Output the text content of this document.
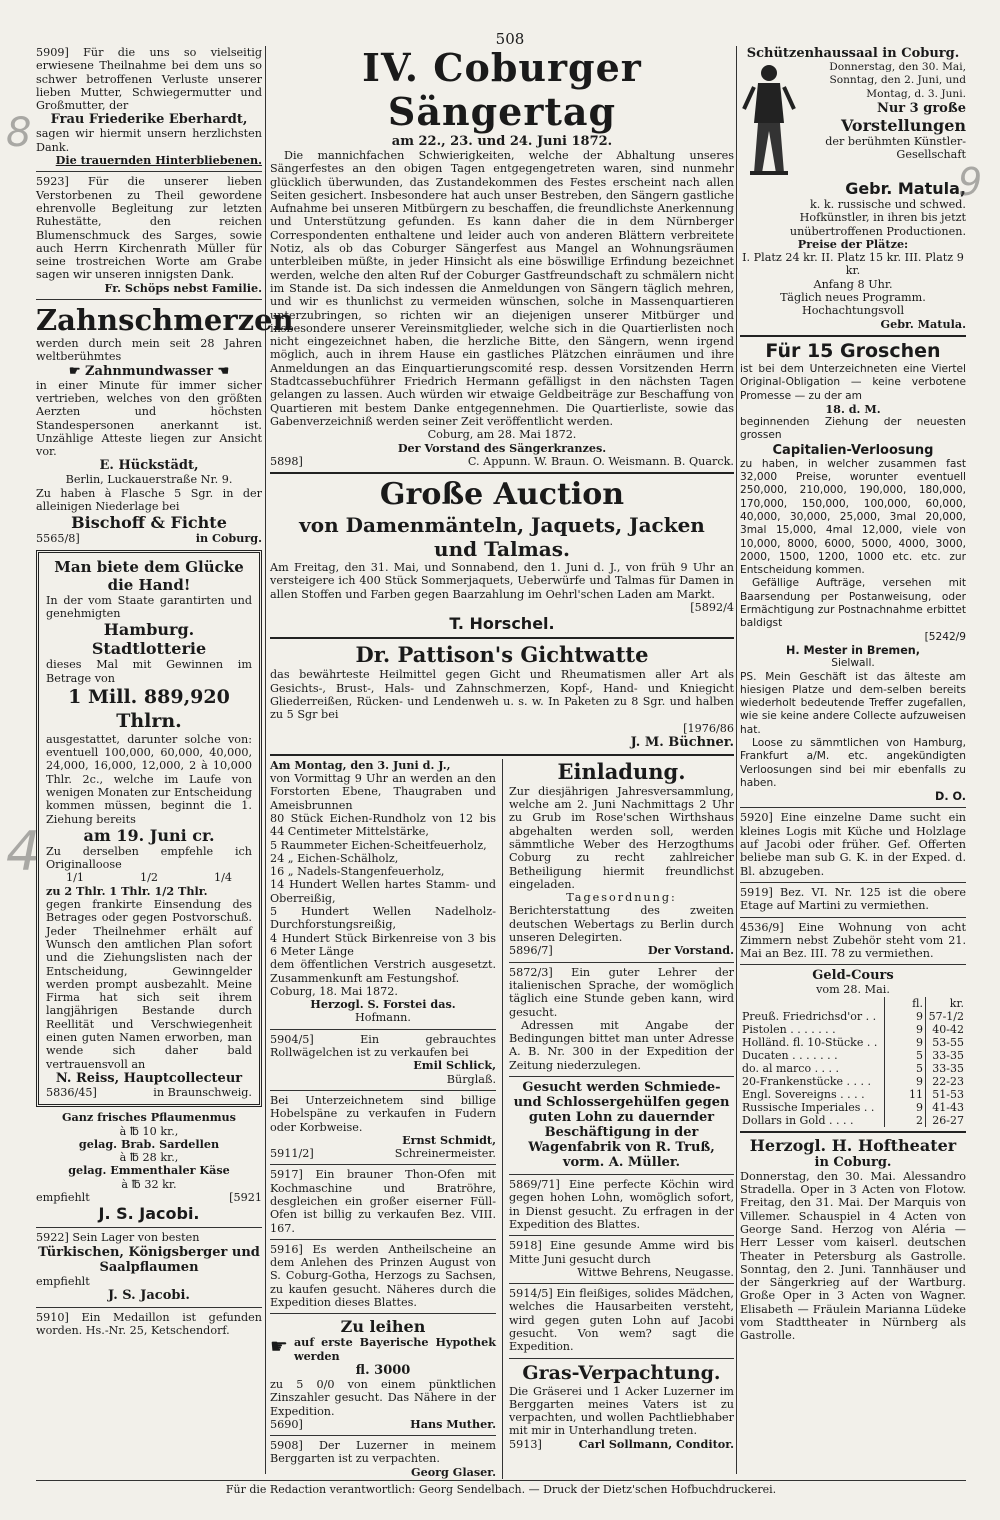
508

5909] Für die uns so vielseitig erwiesene Theilnahme bei dem uns so schwer betroffenen Verluste unserer lieben Mutter, Schwiegermutter und Großmutter, der

Frau Friederike Eberhardt,

sagen wir hiermit unsern herzlichsten Dank.

Die trauernden Hinterbliebenen.

5923] Für die unserer lieben Verstorbenen zu Theil gewordene ehrenvolle Begleitung zur letzten Ruhestätte, den reichen Blumenschmuck des Sarges, sowie auch Herrn Kirchenrath Müller für seine trostreichen Worte am Grabe sagen wir unseren innigsten Dank.

Fr. Schöps nebst Familie.

Zahnschmerzen

werden durch mein seit 28 Jahren weltberühmtes

☛ Zahnmundwasser ☚

in einer Minute für immer sicher vertrieben, welches von den größten Aerzten und höchsten Standespersonen anerkannt ist. Unzählige Atteste liegen zur Ansicht vor.

E. Hückstädt,

Berlin, Luckauerstraße Nr. 9.

Zu haben à Flasche 5 Sgr. in der alleinigen Niederlage bei

Bischoff & Fichte

5565/8]	in Coburg.

Man biete dem Glücke

die Hand!

In der vom Staate garantirten und genehmigten

Hamburg. Stadtlotterie

dieses Mal mit Gewinnen im Betrage von

1 Mill. 889,920 Thlrn.

ausgestattet, darunter solche von: eventuell 100,000, 60,000, 40,000, 24,000, 16,000, 12,000, 2 à 10,000 Thlr. 2c., welche im Laufe von wenigen Monaten zur Entscheidung kommen müssen, beginnt die 1. Ziehung bereits

am 19. Juni cr.

Zu derselben empfehle ich Originalloose

1/1	1/2	1/4

zu 2 Thlr. 1 Thlr. 1/2 Thlr.

gegen frankirte Einsendung des Betrages oder gegen Postvorschuß. Jeder Theilnehmer erhält auf Wunsch den amtlichen Plan sofort und die Ziehungslisten nach der Entscheidung, Gewinngelder werden prompt ausbezahlt. Meine Firma hat sich seit ihrem langjährigen Bestande durch Reellität und Verschwiegenheit einen guten Namen erworben, man wende sich daher bald vertrauensvoll an

N. Reiss, Hauptcollecteur

5836/45]	in Braunschweig.

Ganz frisches Pflaumenmus

à ℔ 10 kr.,

gelag. Brab. Sardellen

à ℔ 28 kr.,

gelag. Emmenthaler Käse

à ℔ 32 kr.

empfiehlt	[5921

J. S. Jacobi.

5922] Sein Lager von besten

Türkischen, Königsberger und Saalpflaumen

empfiehlt

J. S. Jacobi.

5910] Ein Medaillon ist gefunden worden. Hs.-Nr. 25, Ketschendorf.

IV. Coburger Sängertag

am 22., 23. und 24. Juni 1872.

Die mannichfachen Schwierigkeiten, welche der Abhaltung unseres Sängerfestes an den obigen Tagen entgegengetreten waren, sind nunmehr glücklich überwunden, das Zustandekommen des Festes erscheint nach allen Seiten gesichert. Insbesondere hat auch unser Bestreben, den Sängern gastliche Aufnahme bei unseren Mitbürgern zu beschaffen, die freundlichste Anerkennung und Unterstützung gefunden. Es kann daher die in dem Nürnberger Correspondenten enthaltene und leider auch von anderen Blättern verbreitete Notiz, als ob das Coburger Sängerfest aus Mangel an Wohnungsräumen unterbleiben müßte, in jeder Hinsicht als eine böswillige Erfindung bezeichnet werden, welche den alten Ruf der Coburger Gastfreundschaft zu schmälern nicht im Stande ist. Da sich indessen die Anmeldungen von Sängern täglich mehren, und wir es thunlichst zu vermeiden wünschen, solche in Massenquartieren unterzubringen, so richten wir an diejenigen unserer Mitbürger und insbesondere unserer Vereinsmitglieder, welche sich in die Quartierlisten noch nicht eingezeichnet haben, die herzliche Bitte, den Sängern, wenn irgend möglich, auch in ihrem Hause ein gastliches Plätzchen einräumen und ihre Anmeldungen an das Einquartierungscomité resp. dessen Vorsitzenden Herrn Stadtcassebuchführer Friedrich Hermann gefälligst in den nächsten Tagen gelangen zu lassen. Auch würden wir etwaige Geldbeiträge zur Beschaffung von Quartieren mit bestem Danke entgegennehmen. Die Quartierliste, sowie das Gabenverzeichniß werden seiner Zeit veröffentlicht werden.

Coburg, am 28. Mai 1872.

Der Vorstand des Sängerkranzes.

5898]	C. Appunn. W. Braun. O. Weismann. B. Quarck.

Große Auction

von Damenmänteln, Jaquets, Jacken

und Talmas.

Am Freitag, den 31. Mai, und Sonnabend, den 1. Juni d. J., von früh 9 Uhr an versteigere ich 400 Stück Sommerjaquets, Ueberwürfe und Talmas für Damen in allen Stoffen und Farben gegen Baarzahlung im Oehrl'schen Laden am Markt.

[5892/4

T. Horschel.

Dr. Pattison's Gichtwatte

das bewährteste Heilmittel gegen Gicht und Rheumatismen aller Art als Gesichts-, Brust-, Hals- und Zahnschmerzen, Kopf-, Hand- und Kniegicht Gliederreißen, Rücken- und Lendenweh u. s. w. In Paketen zu 8 Sgr. und halben zu 5 Sgr bei

[1976/86

J. M. Büchner.

Am Montag, den 3. Juni d. J.,

von Vormittag 9 Uhr an werden an den Forstorten Ebene, Thaugraben und Ameisbrunnen

80 Stück Eichen-Rundholz von 12 bis 44 Centimeter Mittelstärke,

5 Raummeter Eichen-Scheitfeuerholz,

24 „ Eichen-Schälholz,

16 „ Nadels-Stangenfeuerholz,

14 Hundert Wellen hartes Stamm- und Oberreißig,

5 Hundert Wellen Nadelholz-Durchforstungsreißig,

4 Hundert Stück Birkenreise von 3 bis 6 Meter Länge

dem öffentlichen Verstrich ausgesetzt. Zusammenkunft am Festungshof.

Coburg, 18. Mai 1872.

Herzogl. S. Forstei das.

Hofmann.

5904/5] Ein gebrauchtes Rollwägelchen ist zu verkaufen bei

Emil Schlick,

Bürglaß.

Bei Unterzeichnetem sind billige Hobelspäne zu verkaufen in Fudern oder Korbweise.

Ernst Schmidt,

5911/2]	Schreinermeister.

5917] Ein brauner Thon-Ofen mit Kochmaschine und Bratröhre, desgleichen ein großer eiserner Füll-Ofen ist billig zu verkaufen Bez. VIII. 167.

5916] Es werden Antheilscheine an dem Anlehen des Prinzen August von S. Coburg-Gotha, Herzogs zu Sachsen, zu kaufen gesucht. Näheres durch die Expedition dieses Blattes.

Zu leihen

☛ auf erste Bayerische Hypothek werden

fl. 3000

zu 5 0/0 von einem pünktlichen Zinszahler gesucht. Das Nähere in der Expedition.

5690]	Hans Muther.

5908] Der Luzerner in meinem Berggarten ist zu verpachten.

Georg Glaser.

Einladung.

Zur diesjährigen Jahresversammlung, welche am 2. Juni Nachmittags 2 Uhr zu Grub im Rose'schen Wirthshaus abgehalten werden soll, werden sämmtliche Weber des Herzogthums Coburg zu recht zahlreicher Betheiligung hiermit freundlichst eingeladen.

Tagesordnung:

Berichterstattung des zweiten deutschen Webertags zu Berlin durch unseren Delegirten.

5896/7]	Der Vorstand.

5872/3] Ein guter Lehrer der italienischen Sprache, der womöglich täglich eine Stunde geben kann, wird gesucht.

Adressen mit Angabe der Bedingungen bittet man unter Adresse A. B. Nr. 300 in der Expedition der Zeitung niederzulegen.

Gesucht werden Schmiede- und Schlossergehülfen gegen guten Lohn zu dauernder Beschäftigung in der Wagenfabrik von R. Truß, vorm. A. Müller.

5869/71] Eine perfecte Köchin wird gegen hohen Lohn, womöglich sofort, in Dienst gesucht. Zu erfragen in der Expedition des Blattes.

5918] Eine gesunde Amme wird bis Mitte Juni gesucht durch

Wittwe Behrens, Neugasse.

5914/5] Ein fleißiges, solides Mädchen, welches die Hausarbeiten versteht, wird gegen guten Lohn auf Jacobi gesucht. Von wem? sagt die Expedition.

Gras-Verpachtung.

Die Gräserei und 1 Acker Luzerner im Berggarten meines Vaters ist zu verpachten, und wollen Pachtliebhaber mit mir in Unterhandlung treten.

5913]	Carl Sollmann, Conditor.

Schützenhaussaal in Coburg.

Donnerstag, den 30. Mai, Sonntag, den 2. Juni, und Montag, d. 3. Juni.

Nur 3 große

Vorstellungen

der berühmten Künstler-Gesellschaft

Gebr. Matula,

k. k. russische und schwed. Hofkünstler, in ihren bis jetzt unübertroffenen Productionen.

Preise der Plätze:

I. Platz 24 kr. II. Platz 15 kr. III. Platz 9 kr.

Anfang 8 Uhr.

Täglich neues Programm.

Hochachtungsvoll

Gebr. Matula.

Für 15 Groschen

ist bei dem Unterzeichneten eine Viertel Original-Obligation — keine verbotene Promesse — zu der am

18. d. M.

beginnenden Ziehung der neuesten grossen

Capitalien-Verloosung

zu haben, in welcher zusammen fast 32,000 Preise, worunter eventuell 250,000, 210,000, 190,000, 180,000, 170,000, 150,000, 100,000, 60,000, 40,000, 30,000, 25,000, 3mal 20,000, 3mal 15,000, 4mal 12,000, viele von 10,000, 8000, 6000, 5000, 4000, 3000, 2000, 1500, 1200, 1000 etc. etc. zur Entscheidung kommen.

Gefällige Aufträge, versehen mit Baarsendung per Postanweisung, oder Ermächtigung zur Postnachnahme erbittet baldigst

[5242/9

H. Mester in Bremen,

Sielwall.

PS. Mein Geschäft ist das älteste am hiesigen Platze und dem-selben bereits wiederholt bedeutende Treffer zugefallen, wie sie keine andere Collecte aufzuweisen hat.

Loose zu sämmtlichen von Hamburg, Frankfurt a/M. etc. angekündigten Verloosungen sind bei mir ebenfalls zu haben.

D. O.

5920] Eine einzelne Dame sucht ein kleines Logis mit Küche und Holzlage auf Jacobi oder früher. Gef. Offerten beliebe man sub G. K. in der Exped. d. Bl. abzugeben.

5919] Bez. VI. Nr. 125 ist die obere Etage auf Martini zu vermiethen.

4536/9] Eine Wohnung von acht Zimmern nebst Zubehör steht vom 21. Mai an Bez. III. 78 zu vermiethen.

Geld-Cours

vom 28. Mai.

	fl.	kr.
Preuß. Friedrichsd'or . .	9	57-1/2
Pistolen . . . . . . .	9	40-42
Holländ. fl. 10-Stücke . .	9	53-55
Ducaten . . . . . . .	5	33-35
do. al marco . . . .	5	33-35
20-Frankenstücke . . . .	9	22-23
Engl. Sovereigns . . . .	11	51-53
Russische Imperiales . .	9	41-43
Dollars in Gold . . . .	2	26-27

Herzogl. H. Hoftheater

in Coburg.

Donnerstag, den 30. Mai. Alessandro Stradella. Oper in 3 Acten von Flotow. Freitag, den 31. Mai. Der Marquis von Villemer. Schauspiel in 4 Acten von George Sand. Herzog von Aléria — Herr Lesser vom kaiserl. deutschen Theater in Petersburg als Gastrolle. Sonntag, den 2. Juni. Tannhäuser und der Sängerkrieg auf der Wartburg. Große Oper in 3 Acten von Wagner. Elisabeth — Fräulein Marianna Lüdeke vom Stadttheater in Nürnberg als Gastrolle.

Für die Redaction verantwortlich: Georg Sendelbach. — Druck der Dietz'schen Hofbuchdruckerei.
8
4
9
